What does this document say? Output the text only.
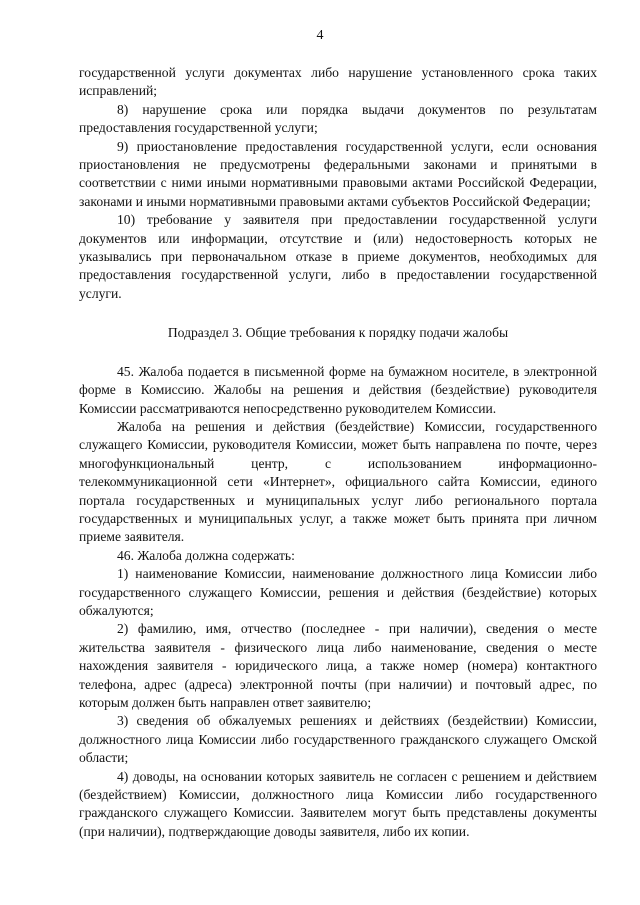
4

государственной услуги документах либо нарушение установленного срока таких исправлений;

8) нарушение срока или порядка выдачи документов по результатам предоставления государственной услуги;

9) приостановление предоставления государственной услуги, если основания приостановления не предусмотрены федеральными законами и принятыми в соответствии с ними иными нормативными правовыми актами Российской Федерации, законами и иными нормативными правовыми актами субъектов Российской Федерации;

10) требование у заявителя при предоставлении государственной услуги документов или информации, отсутствие и (или) недостоверность которых не указывались при первоначальном отказе в приеме документов, необходимых для предоставления государственной услуги, либо в предоставлении государственной услуги.

Подраздел 3. Общие требования к порядку подачи жалобы

45. Жалоба подается в письменной форме на бумажном носителе, в электронной форме в Комиссию. Жалобы на решения и действия (бездействие) руководителя Комиссии рассматриваются непосредственно руководителем Комиссии.

Жалоба на решения и действия (бездействие) Комиссии, государственного служащего Комиссии, руководителя Комиссии, может быть направлена по почте, через многофункциональный центр, с использованием информационно-телекоммуникационной сети «Интернет», официального сайта Комиссии, единого портала государственных и муниципальных услуг либо регионального портала государственных и муниципальных услуг, а также может быть принята при личном приеме заявителя.

46. Жалоба должна содержать:

1) наименование Комиссии, наименование должностного лица Комиссии либо государственного служащего Комиссии, решения и действия (бездействие) которых обжалуются;

2) фамилию, имя, отчество (последнее - при наличии), сведения о месте жительства заявителя - физического лица либо наименование, сведения о месте нахождения заявителя - юридического лица, а также номер (номера) контактного телефона, адрес (адреса) электронной почты (при наличии) и почтовый адрес, по которым должен быть направлен ответ заявителю;

3) сведения об обжалуемых решениях и действиях (бездействии) Комиссии, должностного лица Комиссии либо государственного гражданского служащего Омской области;

4) доводы, на основании которых заявитель не согласен с решением и действием (бездействием) Комиссии, должностного лица Комиссии либо государственного гражданского служащего Комиссии. Заявителем могут быть представлены документы (при наличии), подтверждающие доводы заявителя, либо их копии.
